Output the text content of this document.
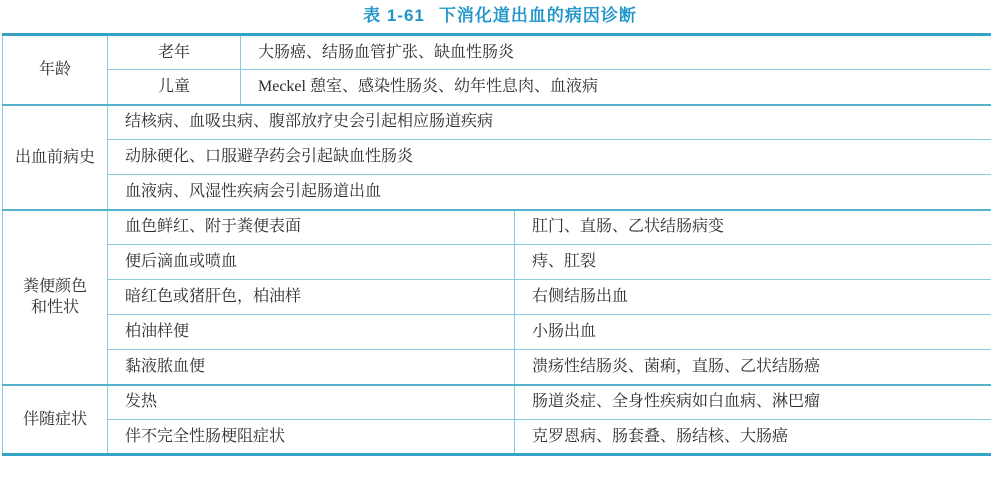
表 1-61 下消化道出血的病因诊断
年龄	老年	大肠癌、结肠血管扩张、缺血性肠炎	
	儿童	Meckel 憩室、感染性肠炎、幼年性息肉、血液病	

出血前病史	结核病、血吸虫病、腹部放疗史会引起相应肠道疾病		
	动脉硬化、口服避孕药会引起缺血性肠炎		
	血液病、风湿性疾病会引起肠道出血		

粪便颜色
和性状	血色鲜红、附于粪便表面		肛门、直肠、乙状结肠病变
	便后滴血或喷血		痔、肛裂
	暗红色或猪肝色，柏油样		右侧结肠出血
	柏油样便		小肠出血
	黏液脓血便		溃疡性结肠炎、菌痢，直肠、乙状结肠癌

伴随症状	发热		肠道炎症、全身性疾病如白血病、淋巴瘤
	伴不完全性肠梗阻症状		克罗恩病、肠套叠、肠结核、大肠癌
